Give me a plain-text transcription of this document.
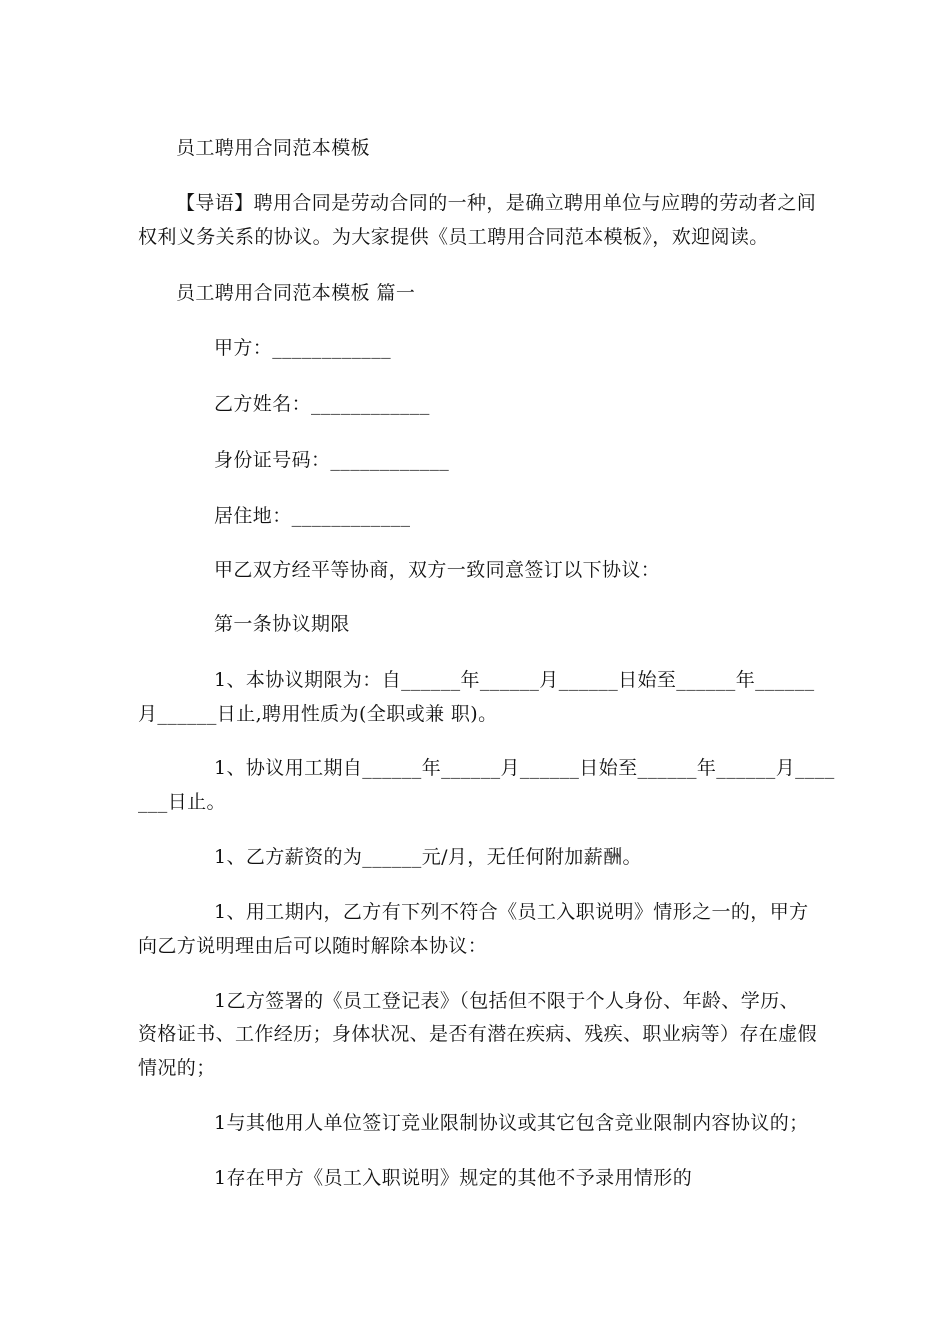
员工聘用合同范本模板
【导语】聘用合同是劳动合同的一种，是确立聘用单位与应聘的劳动者之间
权利义务关系的协议。为大家提供《员工聘用合同范本模板》，欢迎阅读。
员工聘用合同范本模板 篇一
甲方：____________
乙方姓名：____________
身份证号码：____________
居住地：____________
甲乙双方经平等协商，双方一致同意签订以下协议：
第一条协议期限
1、本协议期限为：自______年______月______日始至______年______
月______日止,聘用性质为(全职或兼 职)。
1、协议用工期自______年______月______日始至______年______月____
___日止。
1、乙方薪资的为______元/月，无任何附加薪酬。
1、用工期内，乙方有下列不符合《员工入职说明》情形之一的，甲方
向乙方说明理由后可以随时解除本协议：
1乙方签署的《员工登记表》（包括但不限于个人身份、年龄、学历、
资格证书、工作经历；身体状况、是否有潜在疾病、残疾、职业病等）存在虚假
情况的；
1与其他用人单位签订竞业限制协议或其它包含竞业限制内容协议的；
1存在甲方《员工入职说明》规定的其他不予录用情形的
